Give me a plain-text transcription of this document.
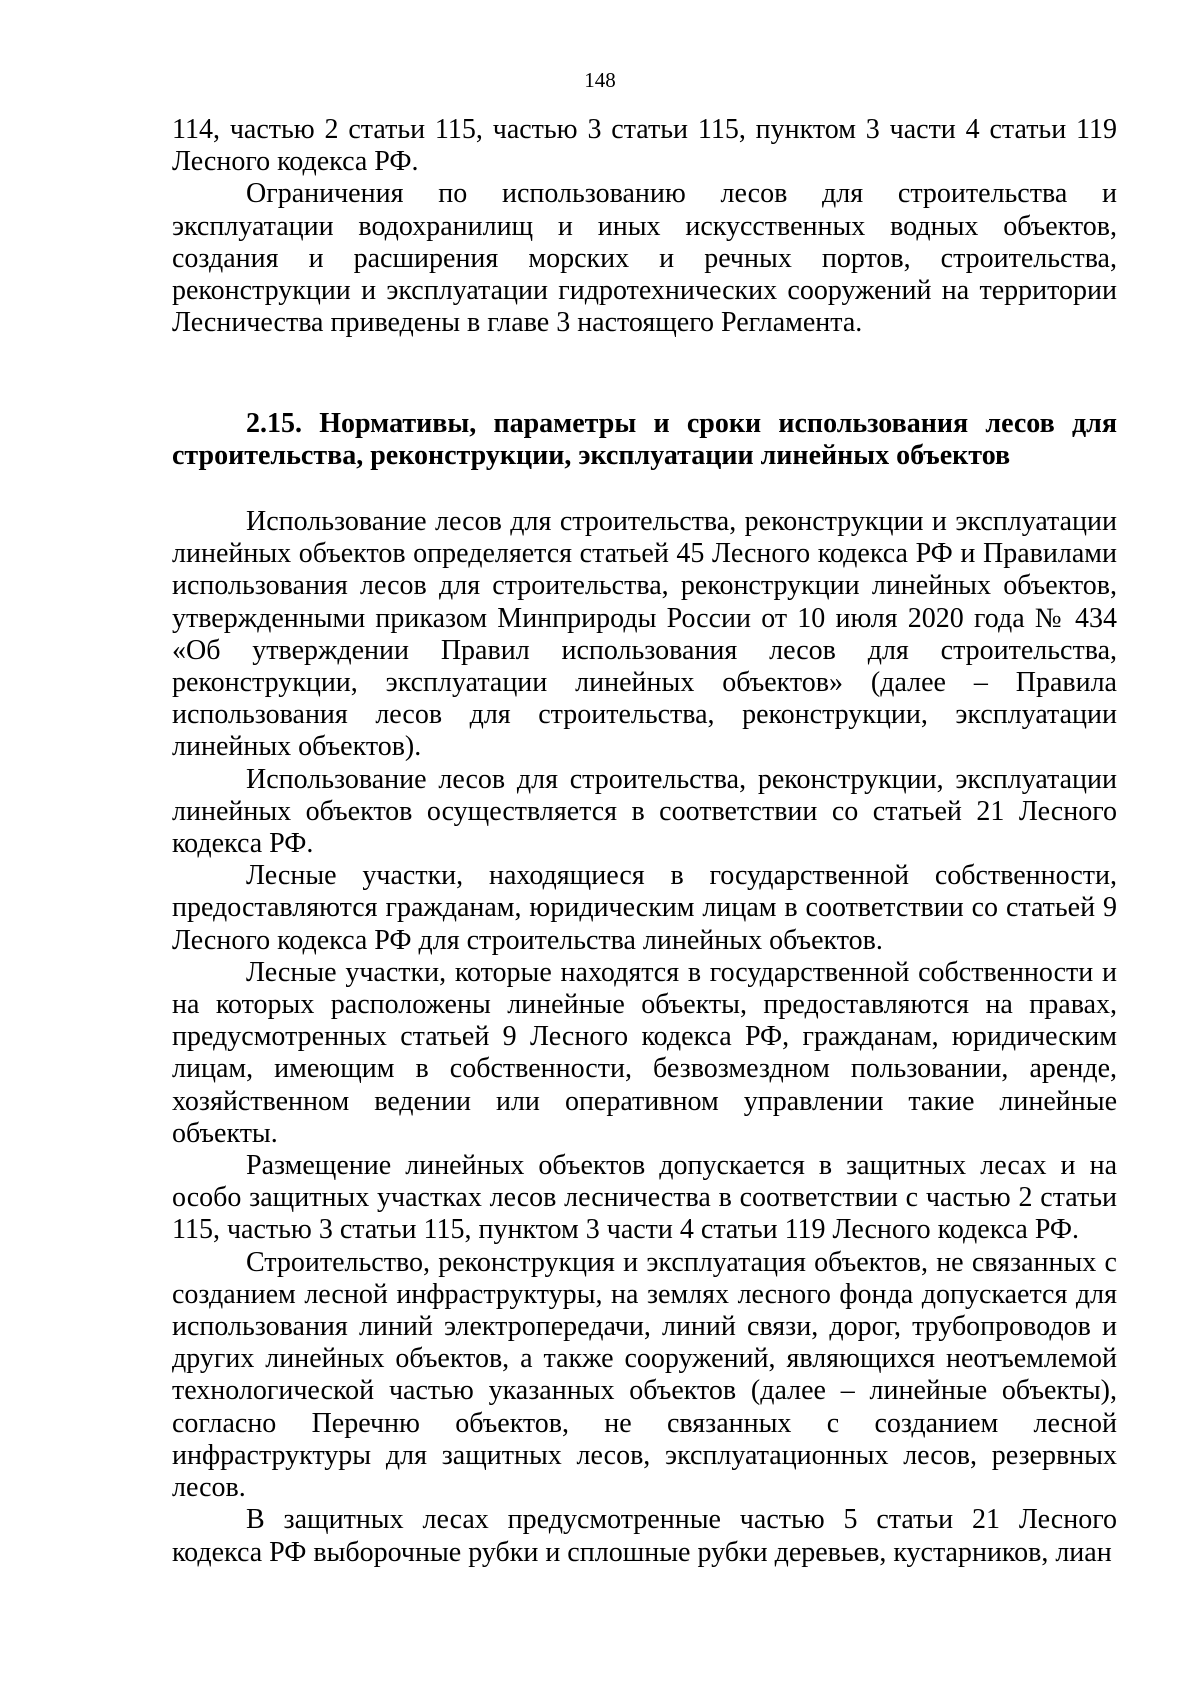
148

114, частью 2 статьи 115, частью 3 статьи 115, пунктом 3 части 4 статьи 119 Лесного кодекса РФ.

Ограничения по использованию лесов для строительства и эксплуатации водохранилищ и иных искусственных водных объектов, создания и расширения морских и речных портов, строительства, реконструкции и эксплуатации гидротехнических сооружений на территории Лесничества приведены в главе 3 настоящего Регламента.

2.15. Нормативы, параметры и сроки использования лесов для строительства, реконструкции, эксплуатации линейных объектов

Использование лесов для строительства, реконструкции и эксплуатации линейных объектов определяется статьей 45 Лесного кодекса РФ и Правилами использования лесов для строительства, реконструкции линейных объектов, утвержденными приказом Минприроды России от 10 июля 2020 года № 434 «Об утверждении Правил использования лесов для строительства, реконструкции, эксплуатации линейных объектов» (далее – Правила использования лесов для строительства, реконструкции, эксплуатации линейных объектов).

Использование лесов для строительства, реконструкции, эксплуатации линейных объектов осуществляется в соответствии со статьей 21 Лесного кодекса РФ.

Лесные участки, находящиеся в государственной собственности, предоставляются гражданам, юридическим лицам в соответствии со статьей 9 Лесного кодекса РФ для строительства линейных объектов.

Лесные участки, которые находятся в государственной собственности и на которых расположены линейные объекты, предоставляются на правах, предусмотренных статьей 9 Лесного кодекса РФ, гражданам, юридическим лицам, имеющим в собственности, безвозмездном пользовании, аренде, хозяйственном ведении или оперативном управлении такие линейные объекты.

Размещение линейных объектов допускается в защитных лесах и на особо защитных участках лесов лесничества в соответствии с частью 2 статьи 115, частью 3 статьи 115, пунктом 3 части 4 статьи 119 Лесного кодекса РФ.

Строительство, реконструкция и эксплуатация объектов, не связанных с созданием лесной инфраструктуры, на землях лесного фонда допускается для использования линий электропередачи, линий связи, дорог, трубопроводов и других линейных объектов, а также сооружений, являющихся неотъемлемой технологической частью указанных объектов (далее – линейные объекты), согласно Перечню объектов, не связанных с созданием лесной инфраструктуры для защитных лесов, эксплуатационных лесов, резервных лесов.

В защитных лесах предусмотренные частью 5 статьи 21 Лесного кодекса РФ выборочные рубки и сплошные рубки деревьев, кустарников, лиан
